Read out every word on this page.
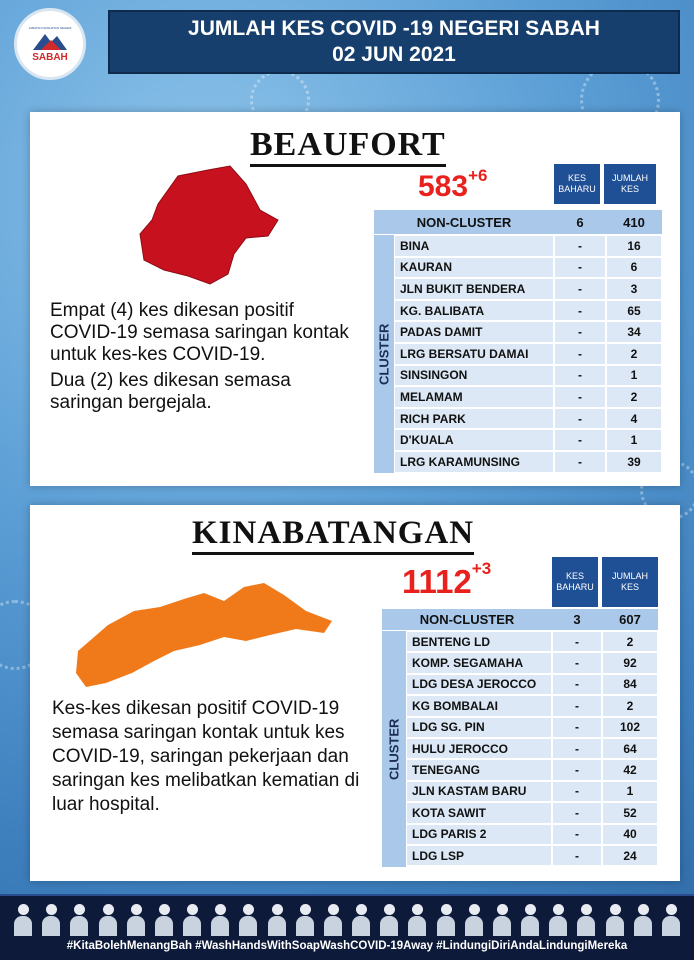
JABATAN KESIHATAN NEGERI
SABAH
JUMLAH KES COVID -19 NEGERI SABAH
02 JUN 2021
BEAUFORT
$583^{+6}$

Empat (4) kes dikesan positif COVID-19 semasa saringan kontak untuk kes-kes COVID-19.

Dua (2) kes dikesan semasa saringan bergejala.

KES BAHARU
JUMLAH KES
NON-CLUSTER	6	410
CLUSTER
BINA	-	16
KAURAN	-	6
JLN BUKIT BENDERA	-	3
KG. BALIBATA	-	65
PADAS DAMIT	-	34
LRG BERSATU DAMAI	-	2
SINSINGON	-	1
MELAMAM	-	2
RICH PARK	-	4
D'KUALA	-	1
LRG KARAMUNSING	-	39
KINABATANGAN
$1112^{+3}$

Kes-kes dikesan positif COVID-19 semasa saringan kontak untuk kes COVID-19, saringan pekerjaan dan saringan kes melibatkan kematian di luar hospital.

KES BAHARU
JUMLAH KES
NON-CLUSTER	3	607
CLUSTER
BENTENG LD	-	2
KOMP. SEGAMAHA	-	92
LDG DESA JEROCCO	-	84
KG BOMBALAI	-	2
LDG SG. PIN	-	102
HULU JEROCCO	-	64
TENEGANG	-	42
JLN KASTAM BARU	-	1
KOTA SAWIT	-	52
LDG PARIS 2	-	40
LDG LSP	-	24
#KitaBolehMenangBah #WashHandsWithSoapWashCOVID-19Away #LindungiDiriAndaLindungiMereka
